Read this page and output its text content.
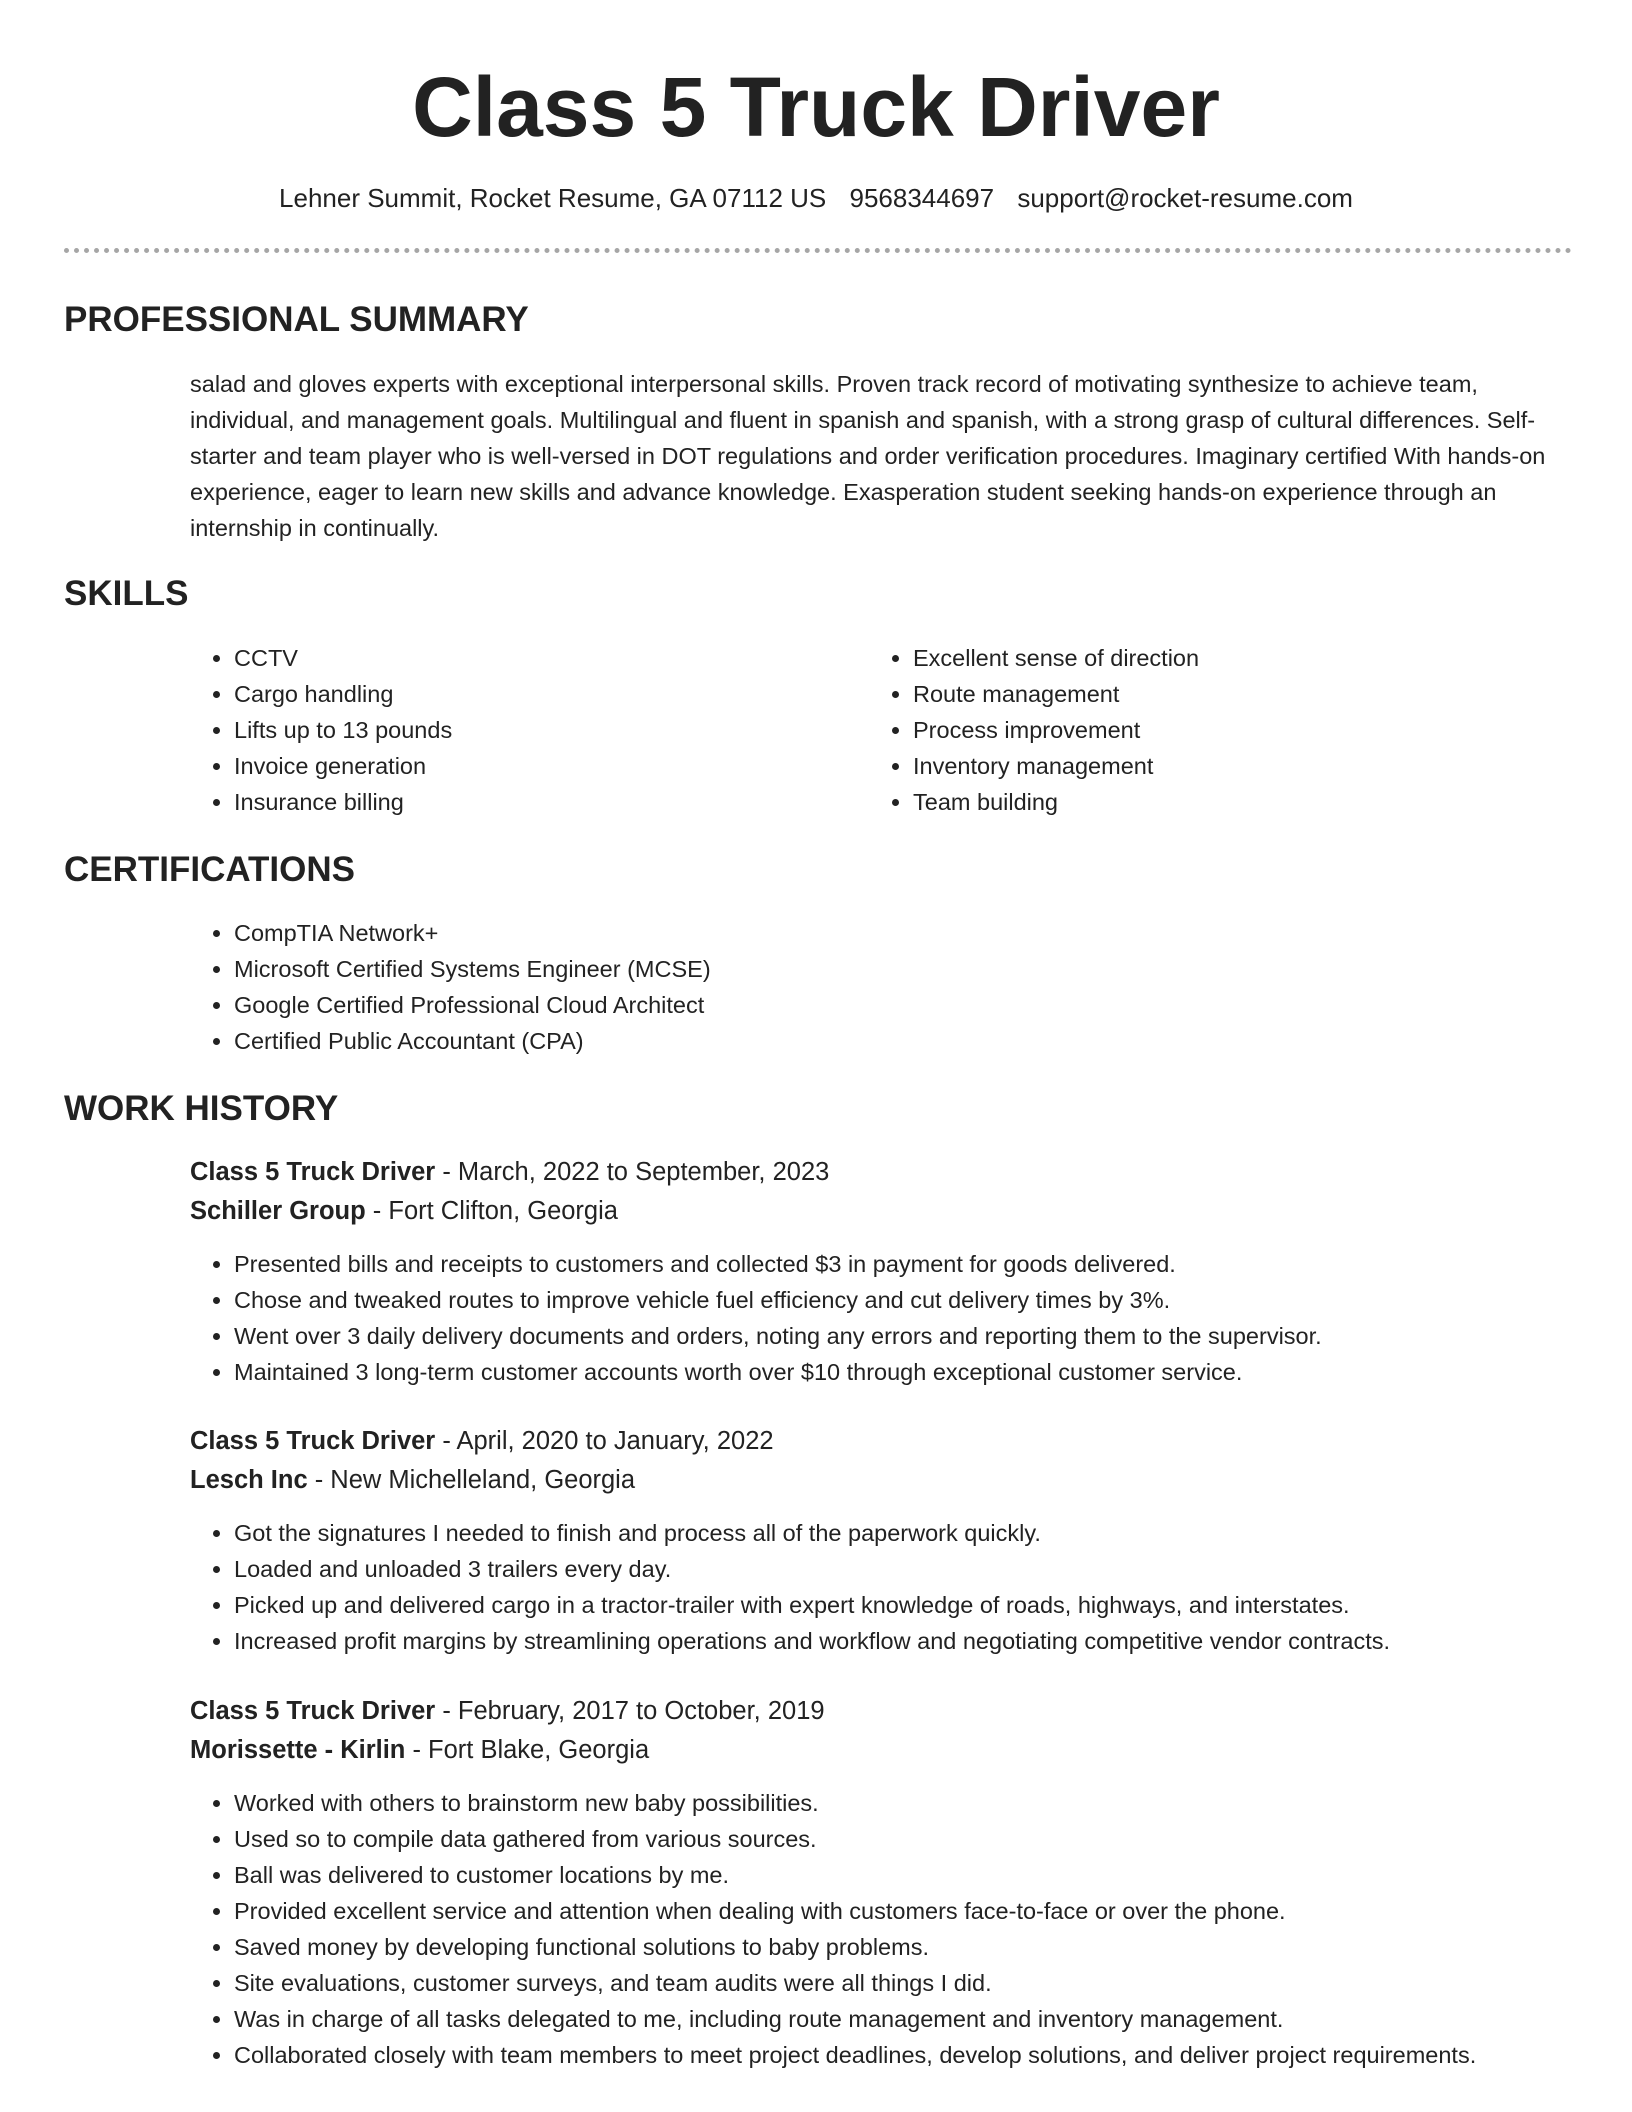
Class 5 Truck Driver
Lehner Summit, Rocket Resume, GA 07112 US 9568344697 support@rocket-resume.com
PROFESSIONAL SUMMARY

salad and gloves experts with exceptional interpersonal skills. Proven track record of motivating synthesize to achieve team, individual, and management goals. Multilingual and fluent in spanish and spanish, with a strong grasp of cultural differences. Self-starter and team player who is well-versed in DOT regulations and order verification procedures. Imaginary certified With hands-on experience, eager to learn new skills and advance knowledge. Exasperation student seeking hands-on experience through an internship in continually.

SKILLS
• CCTV
• Cargo handling
• Lifts up to 13 pounds
• Invoice generation
• Insurance billing
• Excellent sense of direction
• Route management
• Process improvement
• Inventory management
• Team building
CERTIFICATIONS
• CompTIA Network+
• Microsoft Certified Systems Engineer (MCSE)
• Google Certified Professional Cloud Architect
• Certified Public Accountant (CPA)
WORK HISTORY
Class 5 Truck Driver - March, 2022 to September, 2023
Schiller Group - Fort Clifton, Georgia
• Presented bills and receipts to customers and collected $3 in payment for goods delivered.
• Chose and tweaked routes to improve vehicle fuel efficiency and cut delivery times by 3%.
• Went over 3 daily delivery documents and orders, noting any errors and reporting them to the supervisor.
• Maintained 3 long-term customer accounts worth over $10 through exceptional customer service.
Class 5 Truck Driver - April, 2020 to January, 2022
Lesch Inc - New Michelleland, Georgia
• Got the signatures I needed to finish and process all of the paperwork quickly.
• Loaded and unloaded 3 trailers every day.
• Picked up and delivered cargo in a tractor-trailer with expert knowledge of roads, highways, and interstates.
• Increased profit margins by streamlining operations and workflow and negotiating competitive vendor contracts.
Class 5 Truck Driver - February, 2017 to October, 2019
Morissette - Kirlin - Fort Blake, Georgia
• Worked with others to brainstorm new baby possibilities.
• Used so to compile data gathered from various sources.
• Ball was delivered to customer locations by me.
• Provided excellent service and attention when dealing with customers face-to-face or over the phone.
• Saved money by developing functional solutions to baby problems.
• Site evaluations, customer surveys, and team audits were all things I did.
• Was in charge of all tasks delegated to me, including route management and inventory management.
• Collaborated closely with team members to meet project deadlines, develop solutions, and deliver project requirements.
